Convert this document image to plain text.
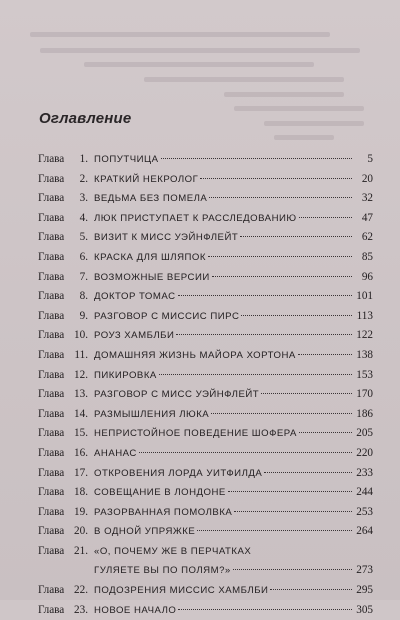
Оглавление
Глава	1. ПОПУТЧИЦА	5
Глава	2. КРАТКИЙ НЕКРОЛОГ	20
Глава	3. ВЕДЬМА БЕЗ ПОМЕЛА	32
Глава	4. ЛЮК ПРИСТУПАЕТ К РАССЛЕДОВАНИЮ	47
Глава	5. ВИЗИТ К МИСС УЭЙНФЛЕЙТ	62
Глава	6. КРАСКА ДЛЯ ШЛЯПОК	85
Глава	7. ВОЗМОЖНЫЕ ВЕРСИИ	96
Глава	8. ДОКТОР ТОМАС	101
Глава	9. РАЗГОВОР С МИССИС ПИРС	113
Глава 10. РОУЗ ХАМБЛБИ	122
Глава 11. ДОМАШНЯЯ ЖИЗНЬ МАЙОРА ХОРТОНА	138
Глава 12. ПИКИРОВКА	153
Глава 13. РАЗГОВОР С МИСС УЭЙНФЛЕЙТ	170
Глава 14. РАЗМЫШЛЕНИЯ ЛЮКА	186
Глава 15. НЕПРИСТОЙНОЕ ПОВЕДЕНИЕ ШОФЕРА	205
Глава 16. АНАНАС	220
Глава 17. ОТКРОВЕНИЯ ЛОРДА УИТФИЛДА	233
Глава 18. СОВЕЩАНИЕ В ЛОНДОНЕ	244
Глава 19. РАЗОРВАННАЯ ПОМОЛВКА	253
Глава 20. В ОДНОЙ УПРЯЖКЕ	264
Глава 21. «О, ПОЧЕМУ ЖЕ В ПЕРЧАТКАХ
ГУЛЯЕТЕ ВЫ ПО ПОЛЯМ?»	273
Глава 22. ПОДОЗРЕНИЯ МИССИС ХАМБЛБИ	295
Глава 23. НОВОЕ НАЧАЛО	305
